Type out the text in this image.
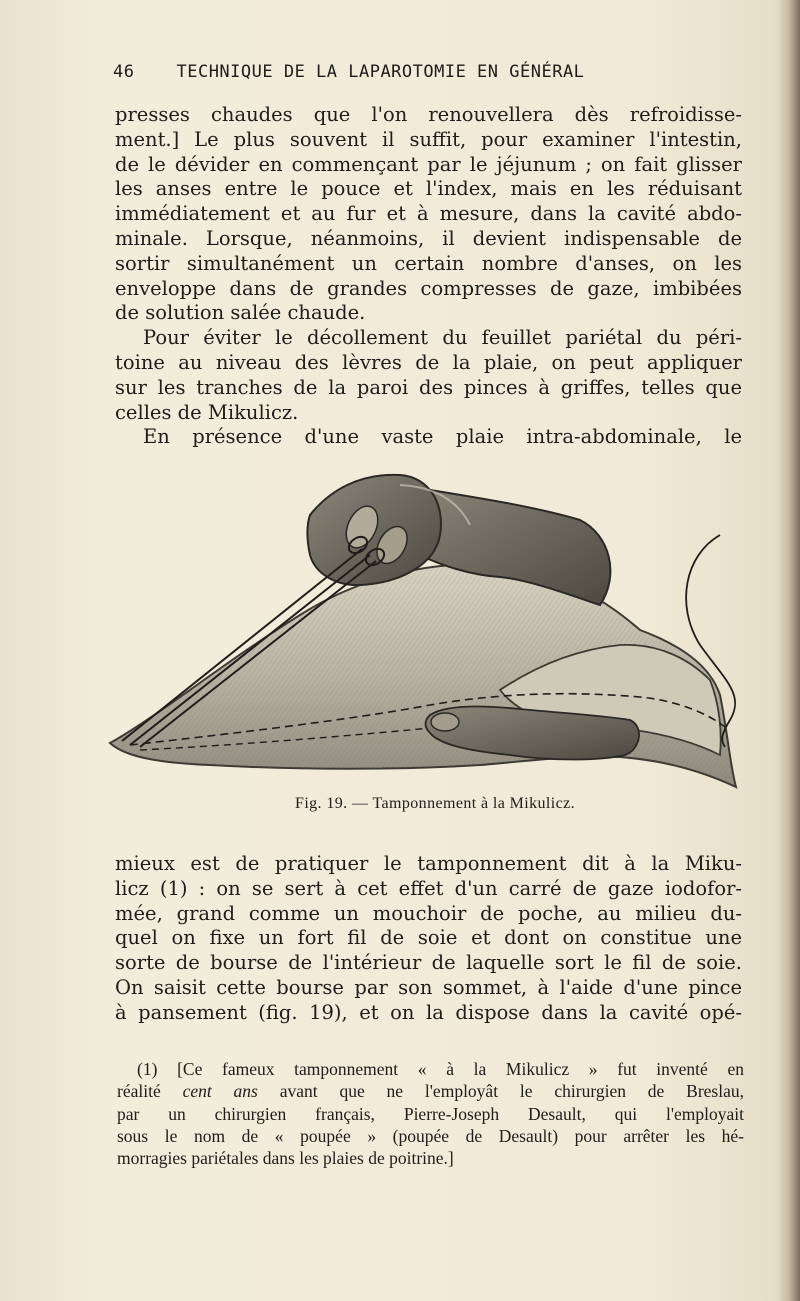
46 TECHNIQUE DE LA LAPAROTOMIE EN GÉNÉRAL
presses chaudes que l'on renouvellera dès refroidisse-
ment.] Le plus souvent il suffit, pour examiner l'intestin,
de le dévider en commençant par le jéjunum ; on fait glisser
les anses entre le pouce et l'index, mais en les réduisant
immédiatement et au fur et à mesure, dans la cavité abdo-
minale. Lorsque, néanmoins, il devient indispensable de
sortir simultanément un certain nombre d'anses, on les
enveloppe dans de grandes compresses de gaze, imbibées
de solution salée chaude.
Pour éviter le décollement du feuillet pariétal du péri-
toine au niveau des lèvres de la plaie, on peut appliquer
sur les tranches de la paroi des pinces à griffes, telles que
celles de Mikulicz.
En présence d'une vaste plaie intra-abdominale, le
Fig. 19. — Tamponnement à la Mikulicz.
mieux est de pratiquer le tamponnement dit à la Miku-
licz (1) : on se sert à cet effet d'un carré de gaze iodofor-
mée, grand comme un mouchoir de poche, au milieu du-
quel on fixe un fort fil de soie et dont on constitue une
sorte de bourse de l'intérieur de laquelle sort le fil de soie.
On saisit cette bourse par son sommet, à l'aide d'une pince
à pansement (fig. 19), et on la dispose dans la cavité opé-
(1) [Ce fameux tamponnement « à la Mikulicz » fut inventé en
réalité cent ans avant que ne l'employât le chirurgien de Breslau,
par un chirurgien français, Pierre-Joseph Desault, qui l'employait
sous le nom de « poupée » (poupée de Desault) pour arrêter les hé-
morragies pariétales dans les plaies de poitrine.]
